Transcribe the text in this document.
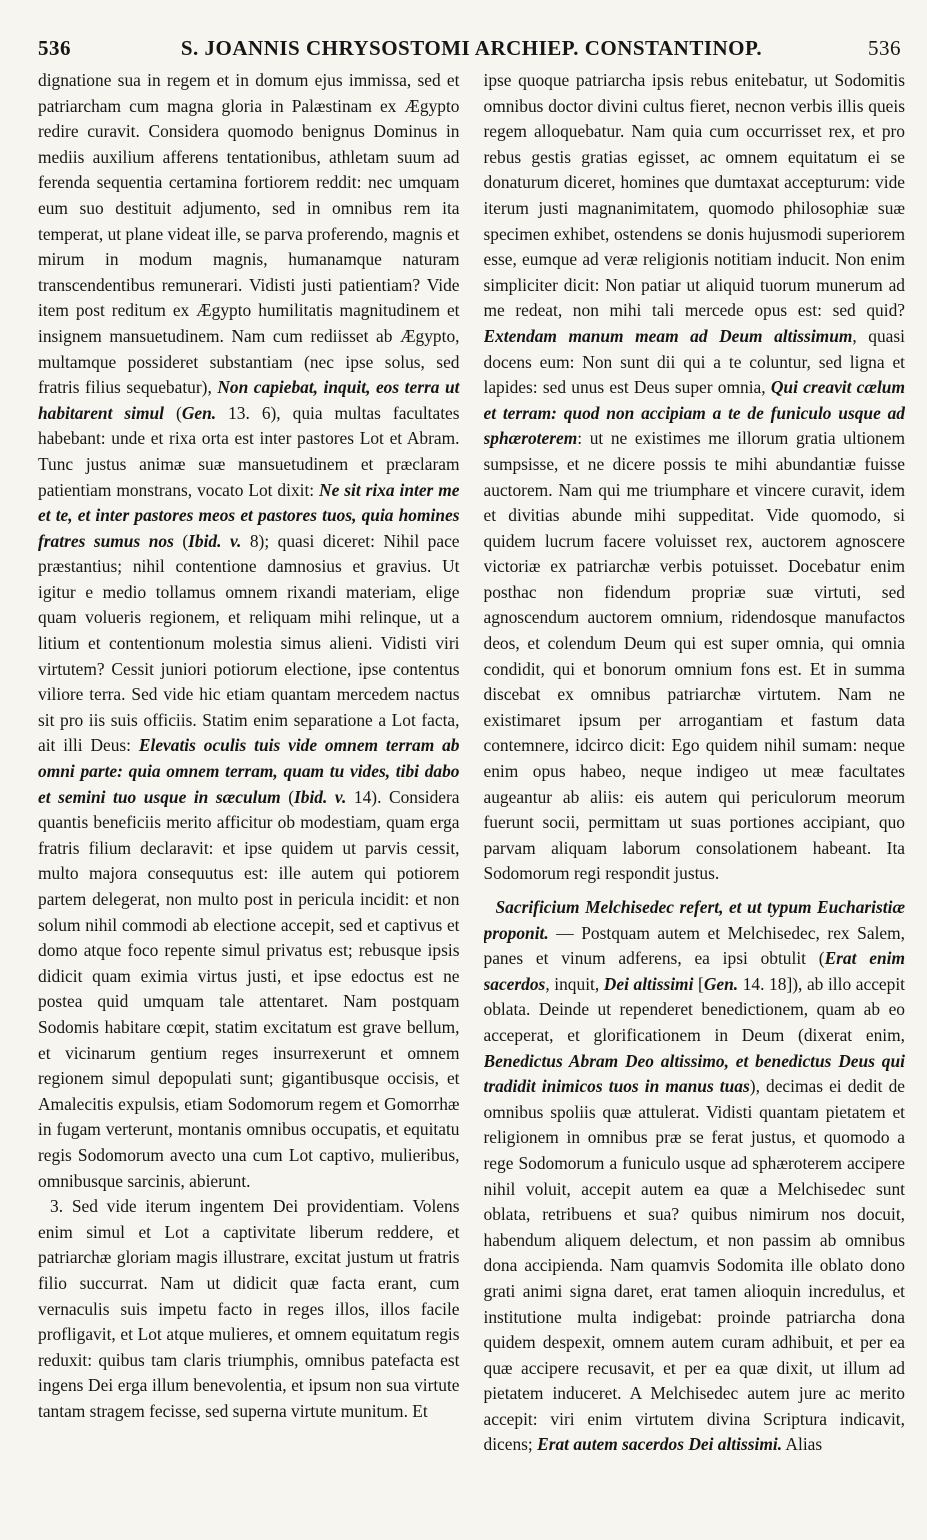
536	S. JOANNIS CHRYSOSTOMI ARCHIEP. CONSTANTINOP.	536

dignatione sua in regem et in domum ejus immissa, sed et patriarcham cum magna gloria in Palæstinam ex Ægypto redire curavit. Considera quomodo benignus Dominus in mediis auxilium afferens tentationibus, athletam suum ad ferenda sequentia certamina fortiorem reddit: nec umquam eum suo destituit adjumento, sed in omnibus rem ita temperat, ut plane videat ille, se parva proferendo, magnis et mirum in modum magnis, humanamque naturam transcendentibus remunerari. Vidisti justi patientiam? Vide item post reditum ex Ægypto humilitatis magnitudinem et insignem mansuetudinem. Nam cum rediisset ab Ægypto, multamque possideret substantiam (nec ipse solus, sed fratris filius sequebatur), Non capiebat, inquit, eos terra ut habitarent simul (Gen. 13. 6), quia multas facultates habebant: unde et rixa orta est inter pastores Lot et Abram. Tunc justus animæ suæ mansuetudinem et præclaram patientiam monstrans, vocato Lot dixit: Ne sit rixa inter me et te, et inter pastores meos et pastores tuos, quia homines fratres sumus nos (Ibid. v. 8); quasi diceret: Nihil pace præstantius; nihil contentione damnosius et gravius. Ut igitur e medio tollamus omnem rixandi materiam, elige quam volueris regionem, et reliquam mihi relinque, ut a litium et contentionum molestia simus alieni. Vidisti viri virtutem? Cessit juniori potiorum electione, ipse contentus viliore terra. Sed vide hic etiam quantam mercedem nactus sit pro iis suis officiis. Statim enim separatione a Lot facta, ait illi Deus: Elevatis oculis tuis vide omnem terram ab omni parte: quia omnem terram, quam tu vides, tibi dabo et semini tuo usque in sæculum (Ibid. v. 14). Considera quantis beneficiis merito afficitur ob modestiam, quam erga fratris filium declaravit: et ipse quidem ut parvis cessit, multo majora consequutus est: ille autem qui potiorem partem delegerat, non multo post in pericula incidit: et non solum nihil commodi ab electione accepit, sed et captivus et domo atque foco repente simul privatus est; rebusque ipsis didicit quam eximia virtus justi, et ipse edoctus est ne postea quid umquam tale attentaret. Nam postquam Sodomis habitare cœpit, statim excitatum est grave bellum, et vicinarum gentium reges insurrexerunt et omnem regionem simul depopulati sunt; gigantibusque occisis, et Amalecitis expulsis, etiam Sodomorum regem et Gomorrhæ in fugam verterunt, montanis omnibus occupatis, et equitatu regis Sodomorum avecto una cum Lot captivo, mulieribus, omnibusque sarcinis, abierunt.

3. Sed vide iterum ingentem Dei providentiam. Volens enim simul et Lot a captivitate liberum reddere, et patriarchæ gloriam magis illustrare, excitat justum ut fratris filio succurrat. Nam ut didicit quæ facta erant, cum vernaculis suis impetu facto in reges illos, illos facile profligavit, et Lot atque mulieres, et omnem equitatum regis reduxit: quibus tam claris triumphis, omnibus patefacta est ingens Dei erga illum benevolentia, et ipsum non sua virtute tantam stragem fecisse, sed superna virtute munitum. Et

ipse quoque patriarcha ipsis rebus enitebatur, ut Sodomitis omnibus doctor divini cultus fieret, necnon verbis illis queis regem alloquebatur. Nam quia cum occurrisset rex, et pro rebus gestis gratias egisset, ac omnem equitatum ei se donaturum diceret, homines que dumtaxat accepturum: vide iterum justi magnanimitatem, quomodo philosophiæ suæ specimen exhibet, ostendens se donis hujusmodi superiorem esse, eumque ad veræ religionis notitiam inducit. Non enim simpliciter dicit: Non patiar ut aliquid tuorum munerum ad me redeat, non mihi tali mercede opus est: sed quid? Extendam manum meam ad Deum altissimum, quasi docens eum: Non sunt dii qui a te coluntur, sed ligna et lapides: sed unus est Deus super omnia, Qui creavit cælum et terram: quod non accipiam a te de funiculo usque ad sphæroterem: ut ne existimes me illorum gratia ultionem sumpsisse, et ne dicere possis te mihi abundantiæ fuisse auctorem. Nam qui me triumphare et vincere curavit, idem et divitias abunde mihi suppeditat. Vide quomodo, si quidem lucrum facere voluisset rex, auctorem agnoscere victoriæ ex patriarchæ verbis potuisset. Docebatur enim posthac non fidendum propriæ suæ virtuti, sed agnoscendum auctorem omnium, ridendosque manufactos deos, et colendum Deum qui est super omnia, qui omnia condidit, qui et bonorum omnium fons est. Et in summa discebat ex omnibus patriarchæ virtutem. Nam ne existimaret ipsum per arrogantiam et fastum data contemnere, idcirco dicit: Ego quidem nihil sumam: neque enim opus habeo, neque indigeo ut meæ facultates augeantur ab aliis: eis autem qui periculorum meorum fuerunt socii, permittam ut suas portiones accipiant, quo parvam aliquam laborum consolationem habeant. Ita Sodomorum regi respondit justus.

Sacrificium Melchisedec refert, et ut typum Eucharistiæ proponit. — Postquam autem et Melchisedec, rex Salem, panes et vinum adferens, ea ipsi obtulit (Erat enim sacerdos, inquit, Dei altissimi [Gen. 14. 18]), ab illo accepit oblata. Deinde ut rependeret benedictionem, quam ab eo acceperat, et glorificationem in Deum (dixerat enim, Benedictus Abram Deo altissimo, et benedictus Deus qui tradidit inimicos tuos in manus tuas), decimas ei dedit de omnibus spoliis quæ attulerat. Vidisti quantam pietatem et religionem in omnibus præ se ferat justus, et quomodo a rege Sodomorum a funiculo usque ad sphæroterem accipere nihil voluit, accepit autem ea quæ a Melchisedec sunt oblata, retribuens et sua? quibus nimirum nos docuit, habendum aliquem delectum, et non passim ab omnibus dona accipienda. Nam quamvis Sodomita ille oblato dono grati animi signa daret, erat tamen alioquin incredulus, et institutione multa indigebat: proinde patriarcha dona quidem despexit, omnem autem curam adhibuit, et per ea quæ accipere recusavit, et per ea quæ dixit, ut illum ad pietatem induceret. A Melchisedec autem jure ac merito accepit: viri enim virtutem divina Scriptura indicavit, dicens; Erat autem sacerdos Dei altissimi. Alias
